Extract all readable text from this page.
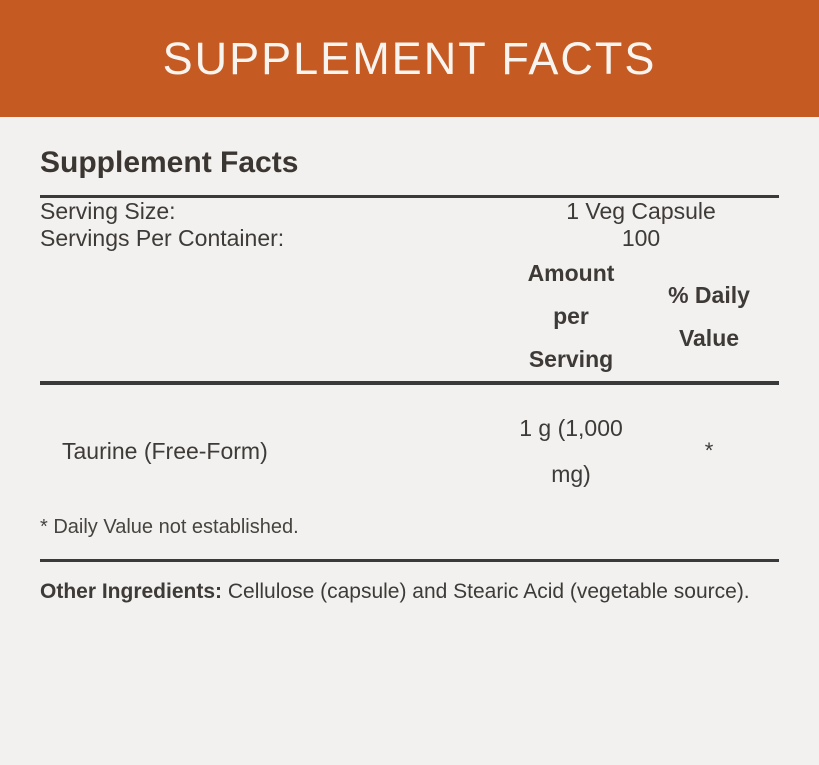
SUPPLEMENT FACTS
Supplement Facts
Serving Size:	1 Veg Capsule
Servings Per Container:	100
Amount per Serving
% Daily Value
Taurine (Free-Form)
1 g (1,000 mg)
*

* Daily Value not established.

Other Ingredients: Cellulose (capsule) and Stearic Acid (vegetable source).
